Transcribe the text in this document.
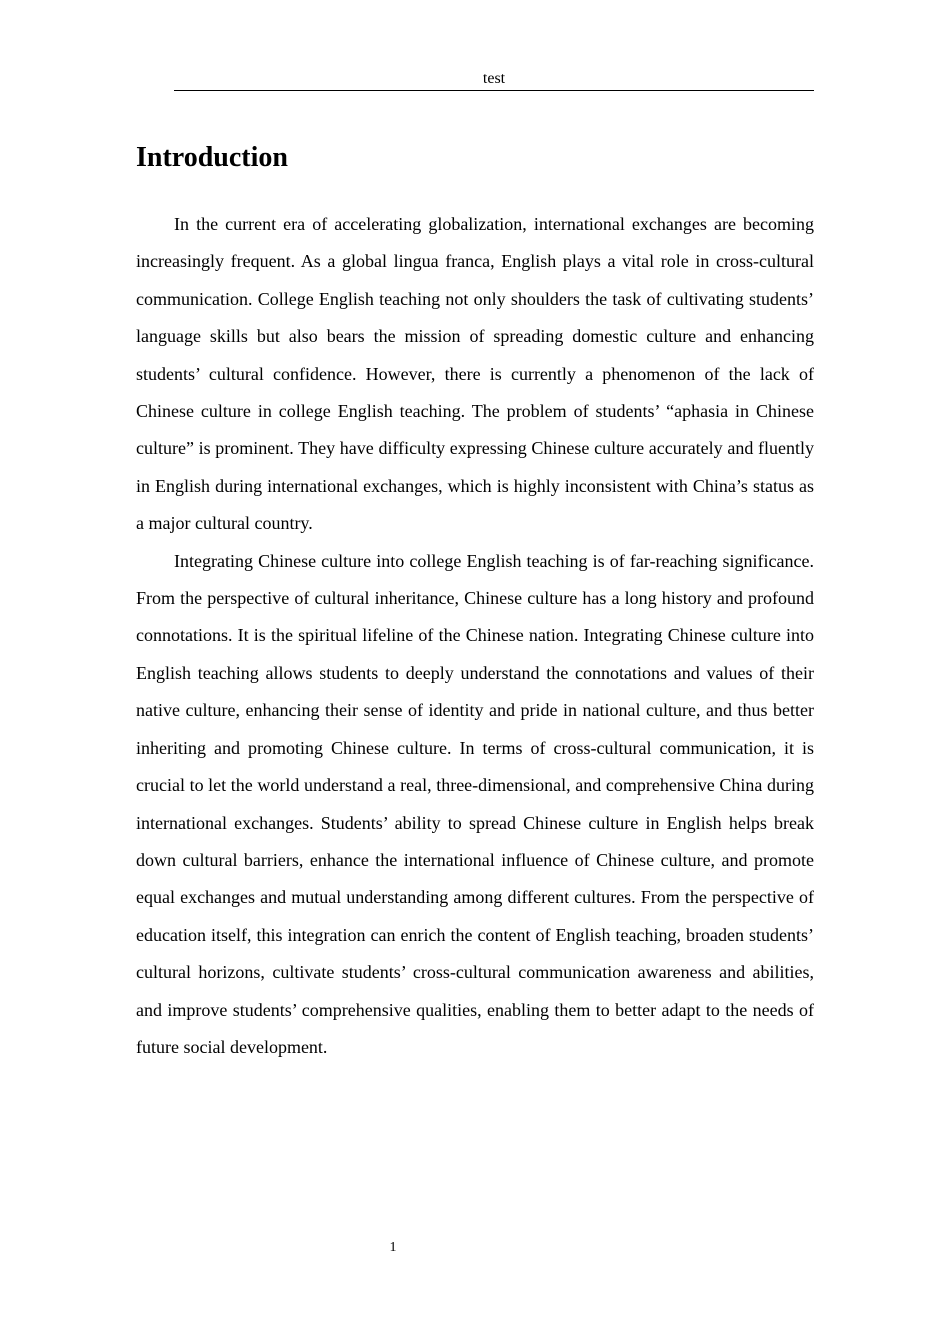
test
Introduction

In the current era of accelerating globalization, international exchanges are becoming increasingly frequent. As a global lingua franca, English plays a vital role in cross-cultural communication. College English teaching not only shoulders the task of cultivating students’ language skills but also bears the mission of spreading domestic culture and enhancing students’ cultural confidence. However, there is currently a phenomenon of the lack of Chinese culture in college English teaching. The problem of students’ “aphasia in Chinese culture” is prominent. They have difficulty expressing Chinese culture accurately and fluently in English during international exchanges, which is highly inconsistent with China’s status as a major cultural country.

Integrating Chinese culture into college English teaching is of far-reaching significance. From the perspective of cultural inheritance, Chinese culture has a long history and profound connotations. It is the spiritual lifeline of the Chinese nation. Integrating Chinese culture into English teaching allows students to deeply understand the connotations and values of their native culture, enhancing their sense of identity and pride in national culture, and thus better inheriting and promoting Chinese culture. In terms of cross-cultural communication, it is crucial to let the world understand a real, three-dimensional, and comprehensive China during international exchanges. Students’ ability to spread Chinese culture in English helps break down cultural barriers, enhance the international influence of Chinese culture, and promote equal exchanges and mutual understanding among different cultures. From the perspective of education itself, this integration can enrich the content of English teaching, broaden students’ cultural horizons, cultivate students’ cross-cultural communication awareness and abilities, and improve students’ comprehensive qualities, enabling them to better adapt to the needs of future social development.

1
